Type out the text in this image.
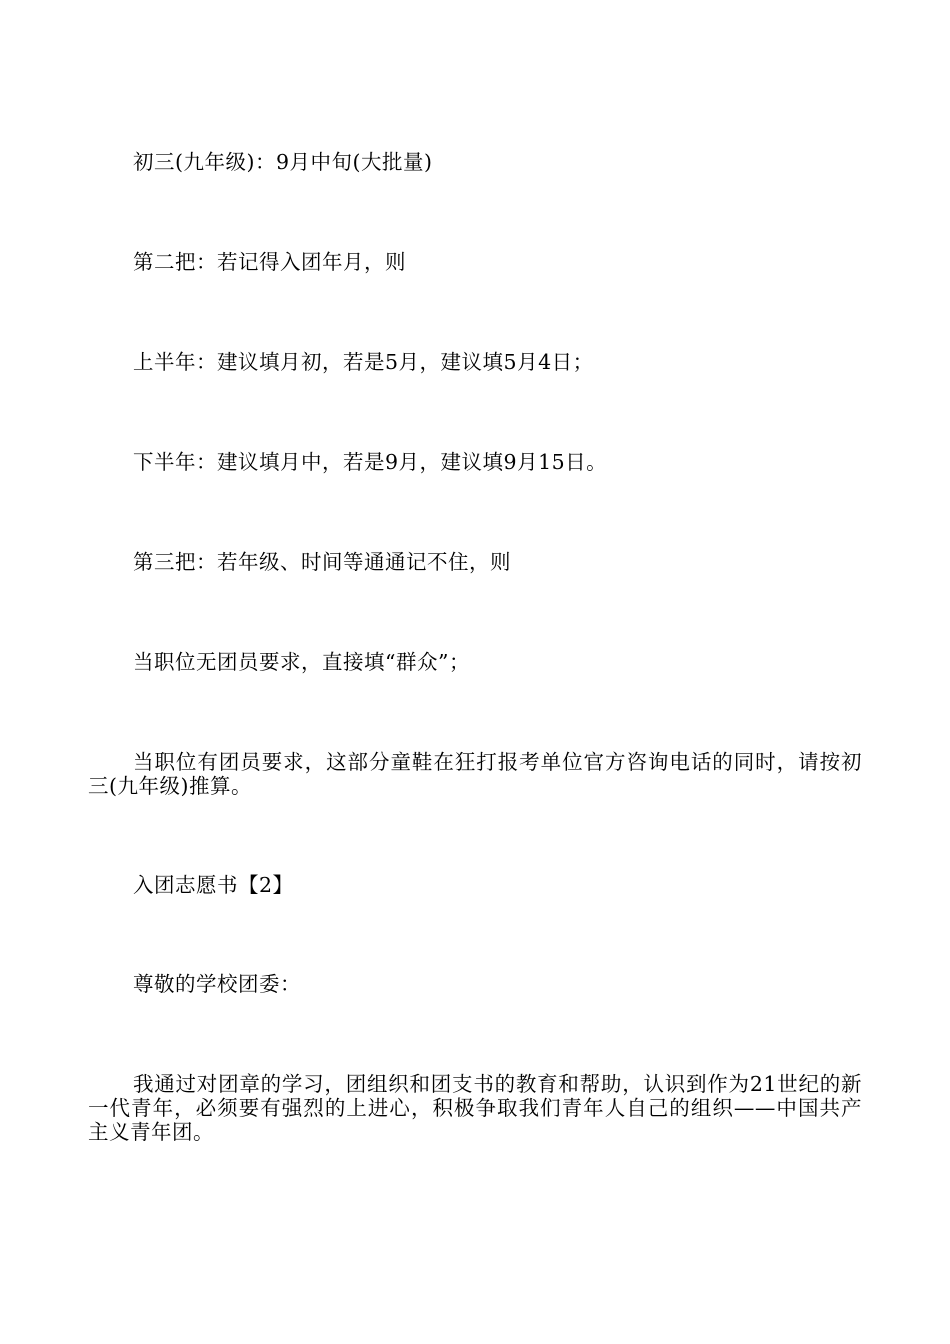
初三(九年级)：9月中旬(大批量)

第二把：若记得入团年月，则

上半年：建议填月初，若是5月，建议填5月4日；

下半年：建议填月中，若是9月，建议填9月15日。

第三把：若年级、时间等通通记不住，则

当职位无团员要求，直接填“群众”；

当职位有团员要求，这部分童鞋在狂打报考单位官方咨询电话的同时，请按初三(九年级)推算。

入团志愿书【2】

尊敬的学校团委：

我通过对团章的学习，团组织和团支书的教育和帮助，认识到作为21世纪的新一代青年，必须要有强烈的上进心，积极争取我们青年人自己的组织——中国共产主义青年团。
